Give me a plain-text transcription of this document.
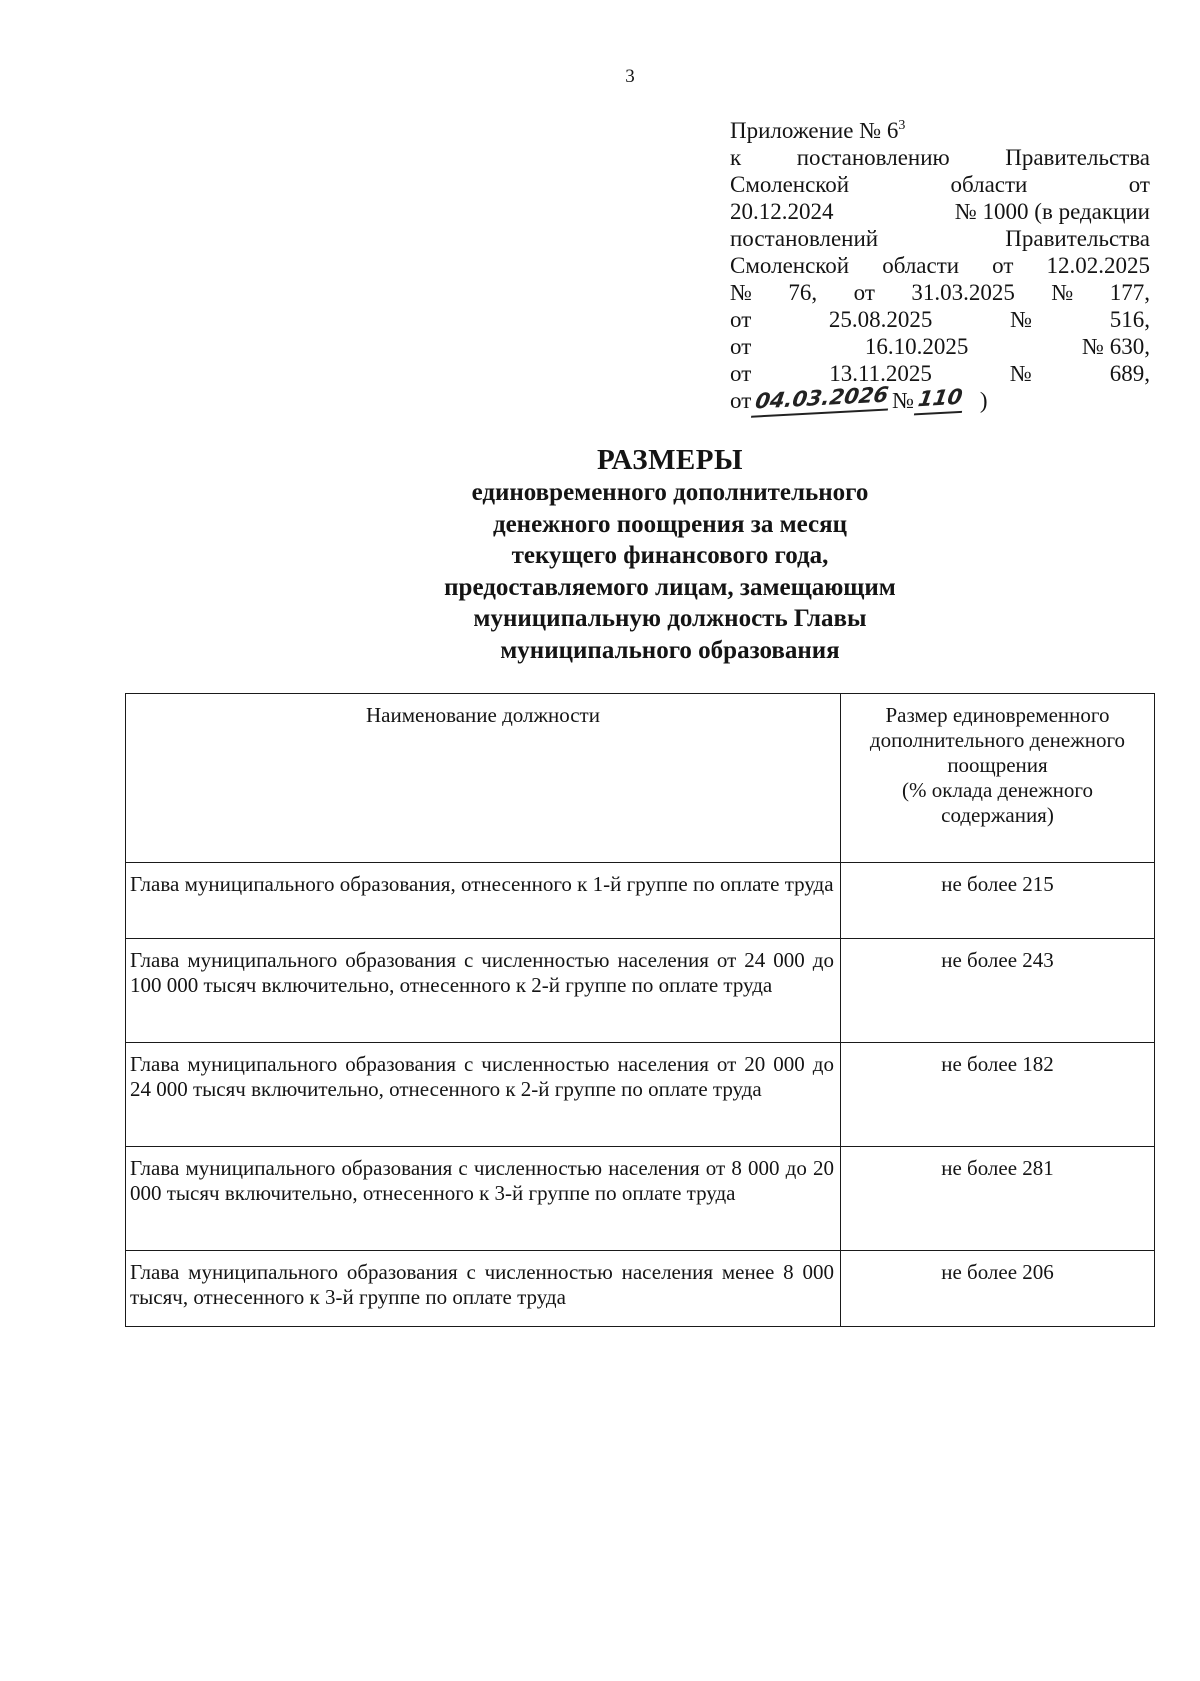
3
Приложение № $6^3$
к постановлению Правительства
Смоленской	области	от
20.12.2024	№ 1000 (в редакции
постановлений	Правительства
Смоленской области от 12.02.2025
№ 76, от 31.03.2025 № 177,
от	25.08.2025	№	516,
от	16.10.2025	№ 630,
от	13.11.2025	№	689,
от 04.03.2026 № 110 )
РАЗМЕРЫ
единовременного дополнительного
денежного поощрения за месяц
текущего финансового года,
предоставляемого лицам, замещающим
муниципальную должность Главы
муниципального образования
Наименование должности	Размер единовременного
дополнительного денежного
поощрения
(% оклада денежного
содержания)

Глава муниципального образования, отнесенного к 1-й группе по оплате труда	не более 215
Глава муниципального образования с численностью населения от 24 000 до 100 000 тысяч включительно, отнесенного к 2-й группе по оплате труда	не более 243
Глава муниципального образования с численностью населения от 20 000 до 24 000 тысяч включительно, отнесенного к 2-й группе по оплате труда	не более 182
Глава муниципального образования с численностью населения от 8 000 до 20 000 тысяч включительно, отнесенного к 3-й группе по оплате труда	не более 281
Глава муниципального образования с численностью населения менее 8 000 тысяч, отнесенного к 3-й группе по оплате труда	не более 206
